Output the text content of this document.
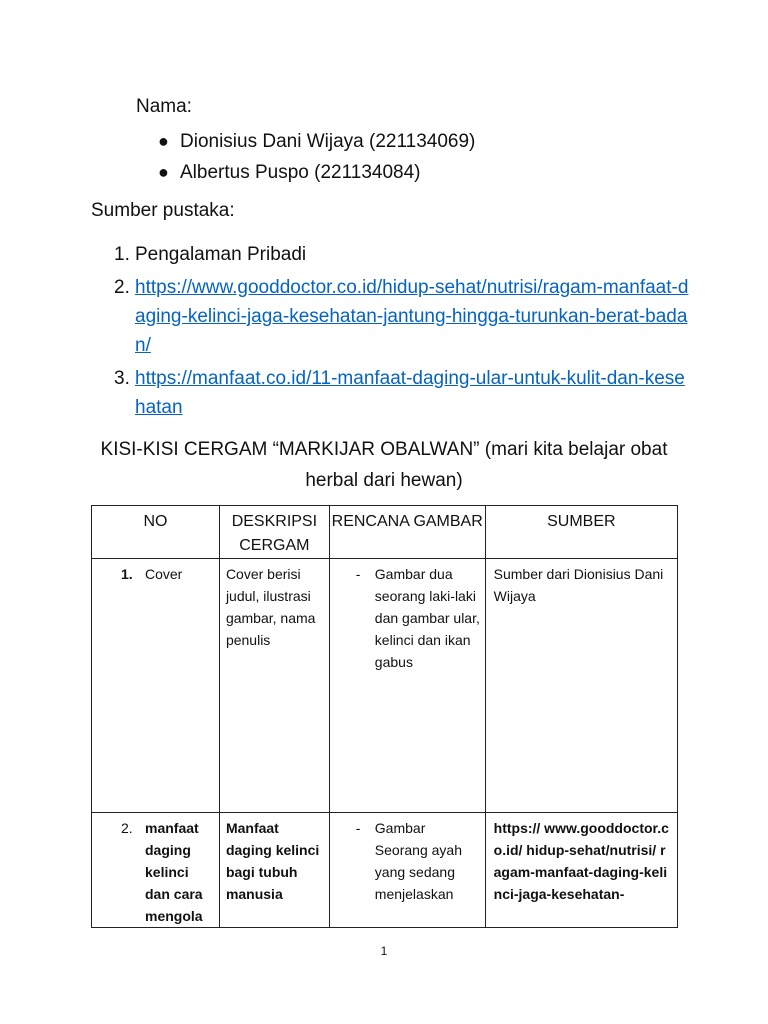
Nama:
● Dionisius Dani Wijaya (221134069)
● Albertus Puspo (221134084)
Sumber pustaka:
1. Pengalaman Pribadi
2. https://www.gooddoctor.co.id/hidup-sehat/nutrisi/ragam-manfaat-daging-kelinci-jaga-kesehatan-jantung-hingga-turunkan-berat-badan/
3. https://manfaat.co.id/11-manfaat-daging-ular-untuk-kulit-dan-kesehatan
KISI-KISI CERGAM “MARKIJAR OBALWAN” (mari kita belajar obat herbal dari hewan)
NO	DESKRIPSI CERGAM	RENCANA GAMBAR	SUMBER

1. Cover	Cover berisi judul, ilustrasi gambar, nama penulis	- Gambar dua seorang laki-laki dan gambar ular, kelinci dan ikan gabus	Sumber dari Dionisius Dani Wijaya

2. manfaat daging kelinci dan cara mengola	Manfaat daging kelinci bagi tubuh manusia	- Gambar Seorang ayah yang sedang menjelaskan	https:// www.gooddoctor.co.id/ hidup-sehat/nutrisi/ ragam-manfaat-daging-kelinci-jaga-kesehatan-
1
